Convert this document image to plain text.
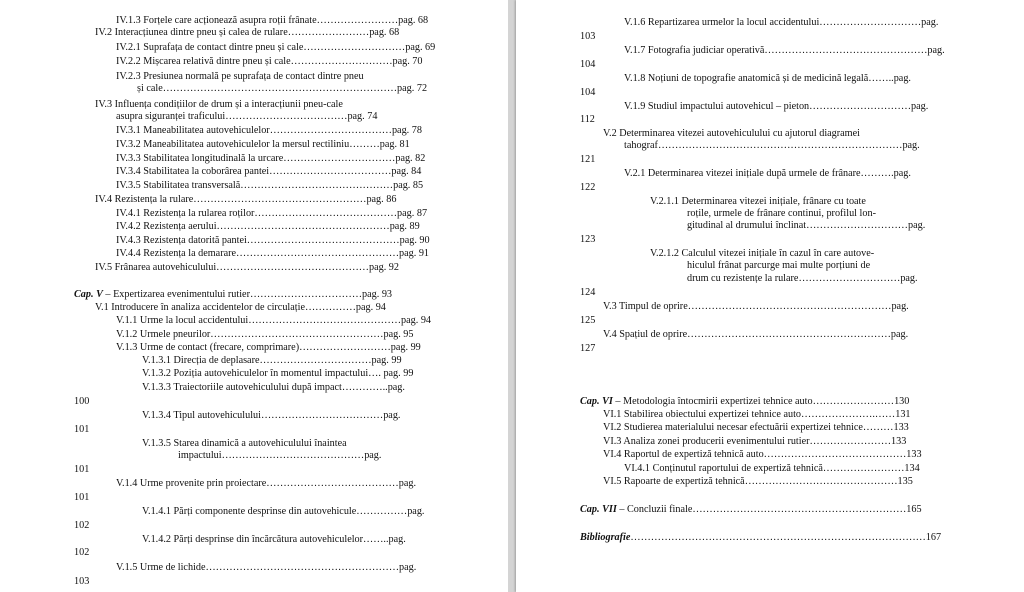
IV.1.3 Forțele care acționează asupra roții frânate……………………pag. 68
IV.2 Interacțiunea dintre pneu și calea de rulare……………………pag. 68
IV.2.1 Suprafața de contact dintre pneu și cale…………………………pag. 69
IV.2.2 Mișcarea relativă dintre pneu și cale…………………………pag. 70
IV.2.3 Presiunea normală pe suprafața de contact dintre pneu
și cale……………………………………………………………pag. 72
IV.3 Influența condițiilor de drum și a interacțiunii pneu-cale
asupra siguranței traficului………………………………pag. 74
IV.3.1 Maneabilitatea autovehiculelor………………………………pag. 78
IV.3.2 Maneabilitatea autovehiculelor la mersul rectiliniu………pag. 81
IV.3.3 Stabilitatea longitudinală la urcare……………………………pag. 82
IV.3.4 Stabilitatea la coborârea pantei………………………………pag. 84
IV.3.5 Stabilitatea transversală………………………………………pag. 85
IV.4 Rezistența la rulare……………………………………………pag. 86
IV.4.1 Rezistența la rularea roților……………………………………pag. 87
IV.4.2 Rezistența aerului……………………………………………pag. 89
IV.4.3 Rezistența datorită pantei………………………………………pag. 90
IV.4.4 Rezistența la demarare…………………………………………pag. 91
IV.5 Frânarea autovehiculului………………………………………pag. 92
Cap. V – Expertizarea evenimentului rutier……………………………pag. 93
V.1 Introducere în analiza accidentelor de circulație……………pag. 94
V.1.1 Urme la locul accidentului………………………………………pag. 94
V.1.2 Urmele pneurilor……………………………………………pag. 95
V.1.3 Urme de contact (frecare, comprimare)………………………pag. 99
V.1.3.1 Direcția de deplasare……………………………pag. 99
V.1.3.2 Poziția autovehiculelor în momentul impactului…. pag. 99
V.1.3.3 Traiectoriile autovehiculului după impact…………..pag.
100
V.1.3.4 Tipul autovehiculului………………………………pag.
101
V.1.3.5 Starea dinamică a autovehiculului înaintea
impactului……………………………………pag.
101
V.1.4 Urme provenite prin proiectare…………………………………pag.
101
V.1.4.1 Părți componente desprinse din autovehicule……………pag.
102
V.1.4.2 Părți desprinse din încărcătura autovehiculelor……..pag.
102
V.1.5 Urme de lichide…………………………………………………pag.
103
V.1.6 Repartizarea urmelor la locul accidentului…………………………pag.
103
V.1.7 Fotografia judiciar operativă…………………………………………pag.
104
V.1.8 Noțiuni de topografie anatomică și de medicină legală……..pag.
104
V.1.9 Studiul impactului autovehicul – pieton…………………………pag.
112
V.2 Determinarea vitezei autovehiculului cu ajutorul diagramei
tahograf………………………………………………………………pag.
121
V.2.1 Determinarea vitezei inițiale după urmele de frânare……….pag.
122
V.2.1.1 Determinarea vitezei inițiale, frânare cu toate
roțile, urmele de frânare continui, profilul lon-
gitudinal al drumului înclinat…………………………pag.
123
V.2.1.2 Calculul vitezei inițiale în cazul în care autove-
hiculul frânat parcurge mai multe porțiuni de
drum cu rezistențe la rulare…………………………pag.
124
V.3 Timpul de oprire……………………………………………………pag.
125
V.4 Spațiul de oprire……………………………………………………pag.
127
Cap. VI – Metodologia întocmirii expertizei tehnice auto……………………130
VI.1 Stabilirea obiectului expertizei tehnice auto………………….……131
VI.2 Studierea materialului necesar efectuării expertizei tehnice………133
VI.3 Analiza zonei producerii evenimentului rutier……………………133
VI.4 Raportul de expertiză tehnică auto……………………………………133
VI.4.1 Conținutul raportului de expertiză tehnică……………………134
VI.5 Rapoarte de expertiză tehnică………………………………………135
Cap. VII – Concluzii finale………………………………………………………165
Bibliografie……………………………………………………………………………167
